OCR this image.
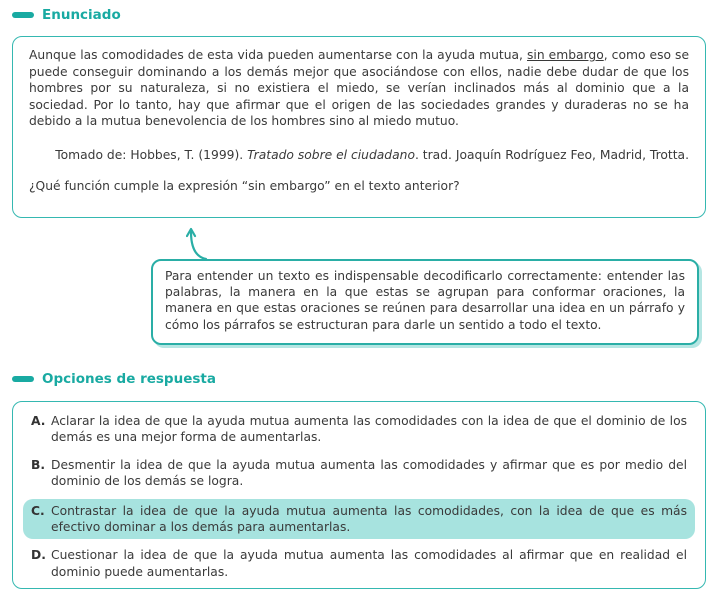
Enunciado

Aunque las comodidades de esta vida pueden aumentarse con la ayuda mutua, sin embargo, como eso se puede conseguir dominando a los demás mejor que asociándose con ellos, nadie debe dudar de que los hombres por su naturaleza, si no existiera el miedo, se verían inclinados más al dominio que a la sociedad. Por lo tanto, hay que afirmar que el origen de las sociedades grandes y duraderas no se ha debido a la mutua benevolencia de los hombres sino al miedo mutuo.

Tomado de: Hobbes, T. (1999). Tratado sobre el ciudadano. trad. Joaquín Rodríguez Feo, Madrid, Trotta.

¿Qué función cumple la expresión “sin embargo” en el texto anterior?

Para entender un texto es indispensable decodificarlo correctamente: entender las palabras, la manera en la que estas se agrupan para conformar oraciones, la manera en que estas oraciones se reúnen para desarrollar una idea en un párrafo y cómo los párrafos se estructuran para darle un sentido a todo el texto.

Opciones de respuesta
A. Aclarar la idea de que la ayuda mutua aumenta las comodidades con la idea de que el dominio de los demás es una mejor forma de aumentarlas.
B. Desmentir la idea de que la ayuda mutua aumenta las comodidades y afirmar que es por medio del dominio de los demás se logra.
C. Contrastar la idea de que la ayuda mutua aumenta las comodidades, con la idea de que es más efectivo dominar a los demás para aumentarlas.
D. Cuestionar la idea de que la ayuda mutua aumenta las comodidades al afirmar que en realidad el dominio puede aumentarlas.
